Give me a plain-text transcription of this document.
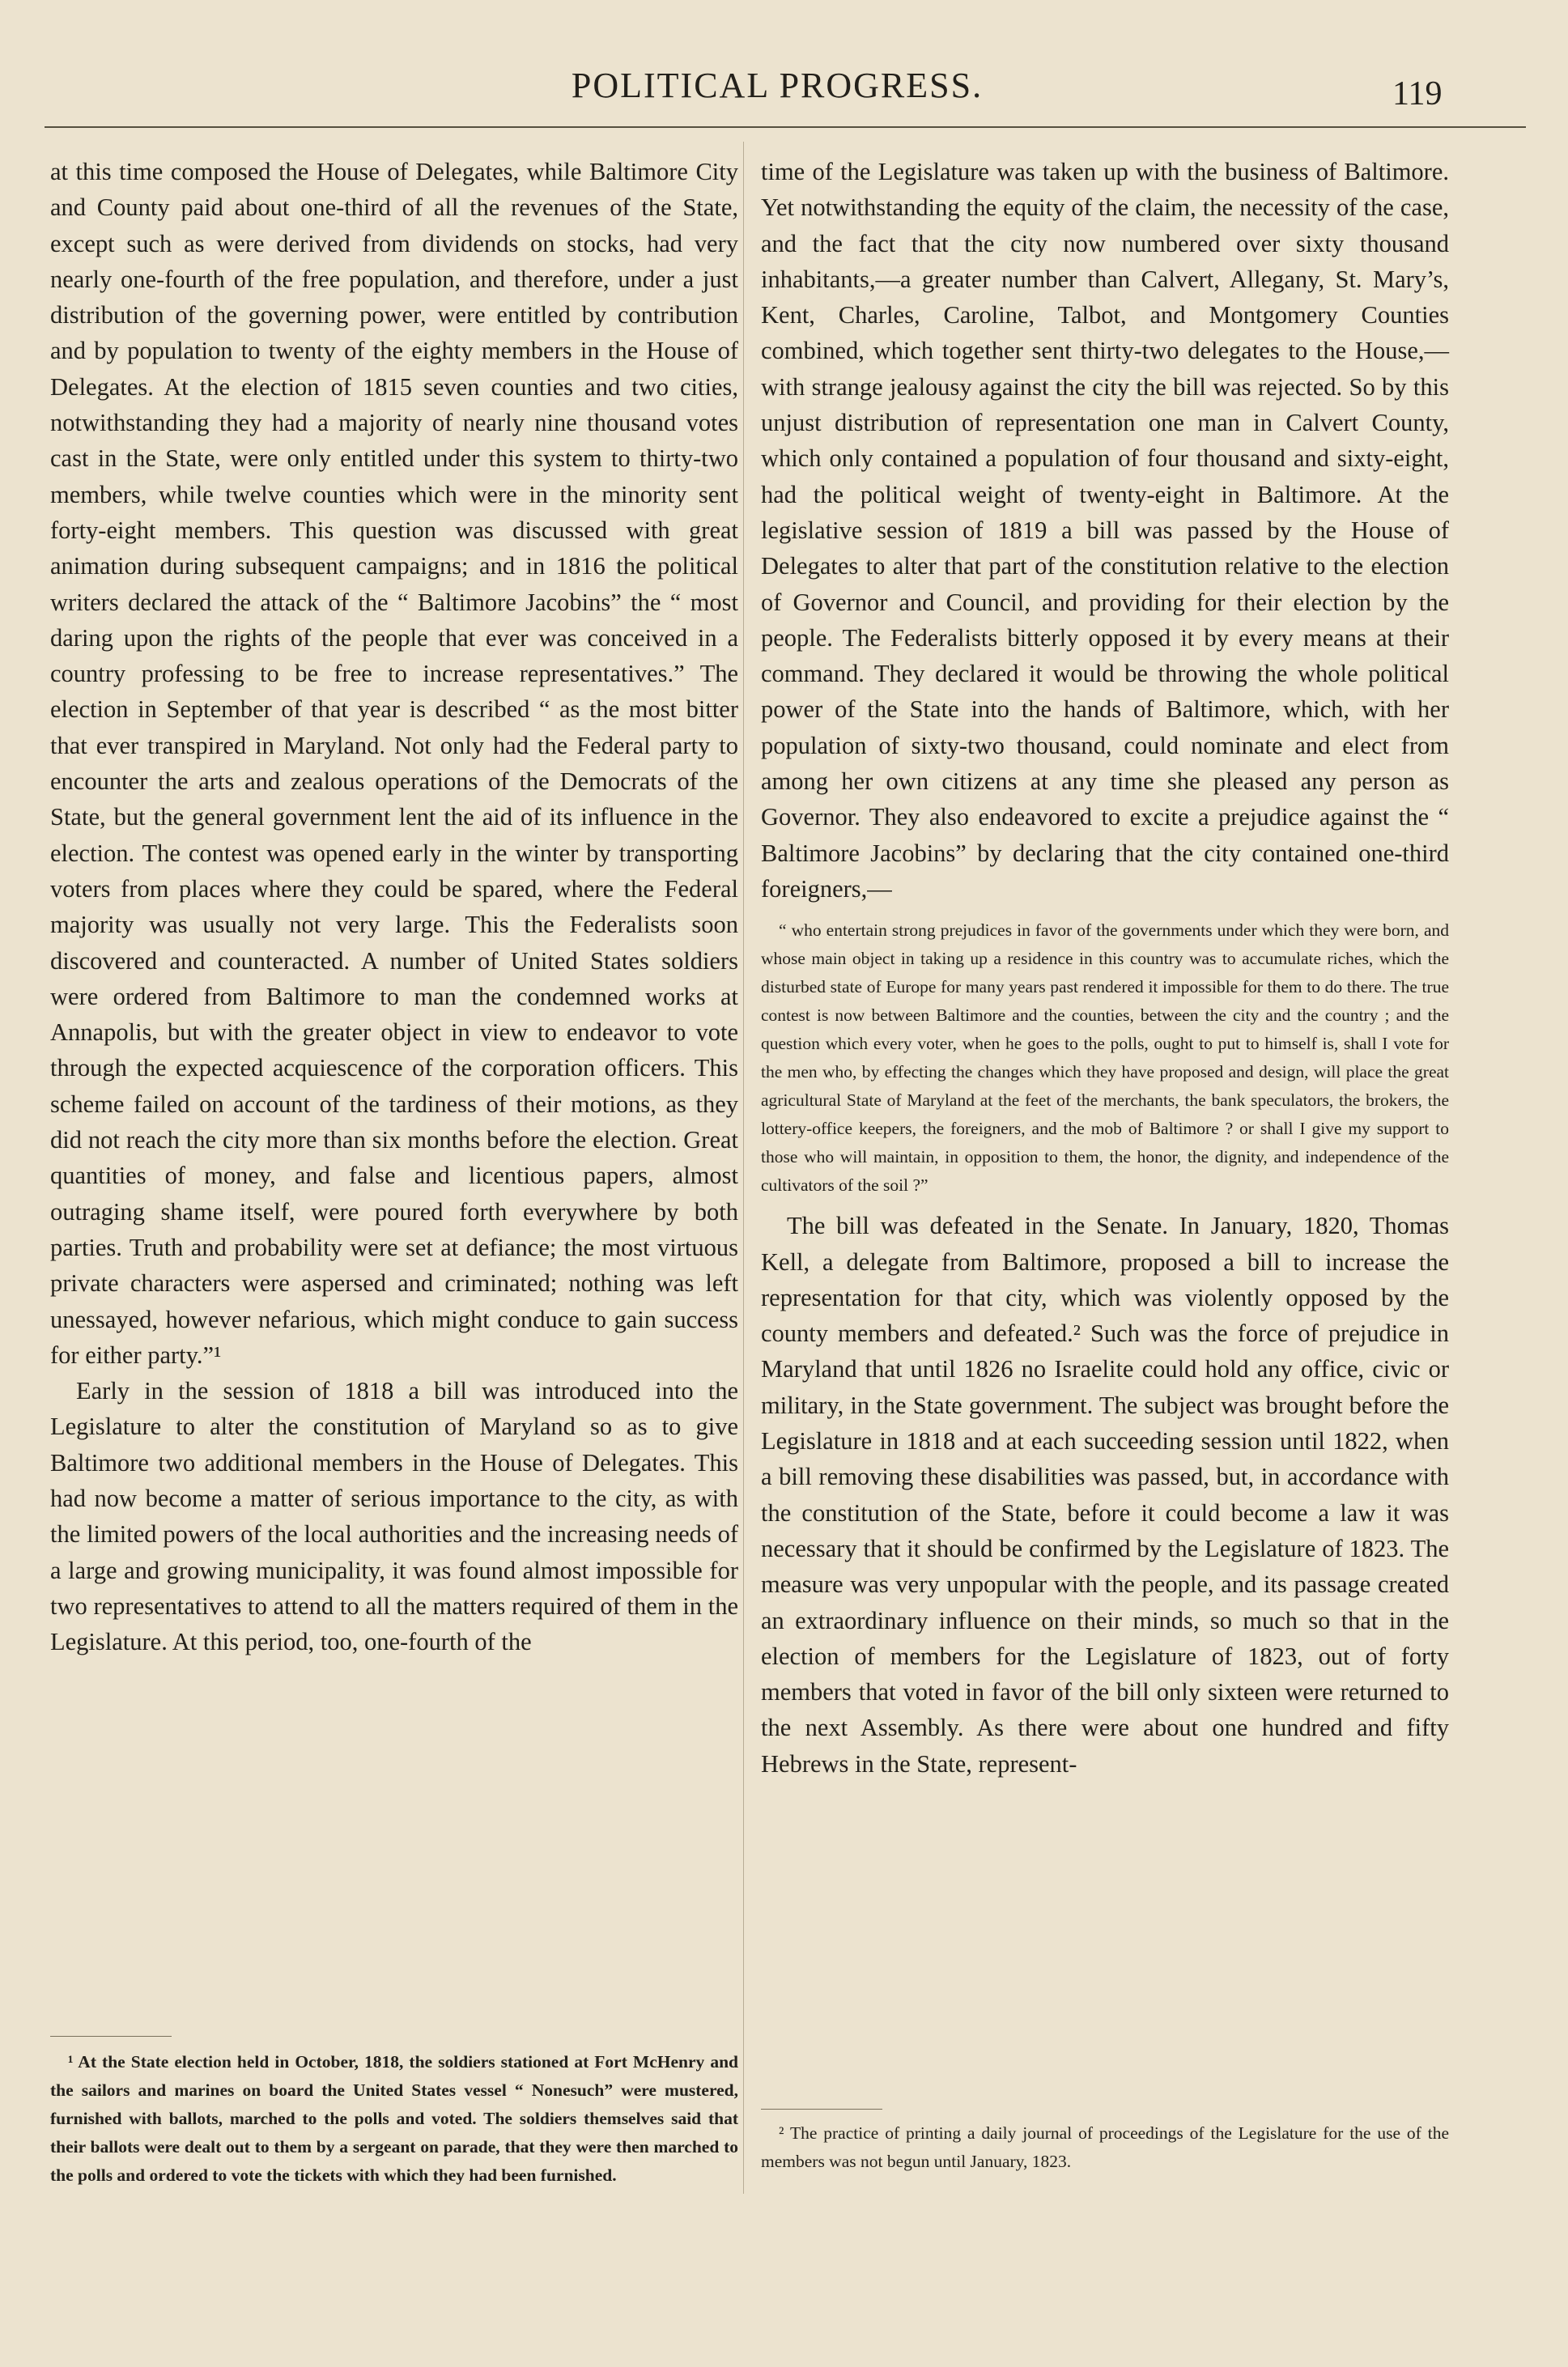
POLITICAL PROGRESS.	119

at this time composed the House of Delegates, while Baltimore City and County paid about one-third of all the revenues of the State, except such as were derived from dividends on stocks, had very nearly one-fourth of the free population, and therefore, under a just distribution of the governing power, were entitled by contribution and by population to twenty of the eighty members in the House of Delegates. At the election of 1815 seven counties and two cities, notwithstanding they had a majority of nearly nine thousand votes cast in the State, were only entitled under this system to thirty-two members, while twelve counties which were in the minority sent forty-eight members. This question was discussed with great animation during subsequent campaigns; and in 1816 the political writers declared the attack of the “ Baltimore Jacobins” the “ most daring upon the rights of the people that ever was conceived in a country professing to be free to increase representatives.” The election in September of that year is described “ as the most bitter that ever transpired in Maryland. Not only had the Federal party to encounter the arts and zealous operations of the Democrats of the State, but the general government lent the aid of its influence in the election. The contest was opened early in the winter by transporting voters from places where they could be spared, where the Federal majority was usually not very large. This the Federalists soon discovered and counteracted. A number of United States soldiers were ordered from Baltimore to man the condemned works at Annapolis, but with the greater object in view to endeavor to vote through the expected acquiescence of the corporation officers. This scheme failed on account of the tardiness of their motions, as they did not reach the city more than six months before the election. Great quantities of money, and false and licentious papers, almost outraging shame itself, were poured forth everywhere by both parties. Truth and probability were set at defiance; the most virtuous private characters were aspersed and criminated; nothing was left unessayed, however nefarious, which might conduce to gain success for either party.”¹

Early in the session of 1818 a bill was introduced into the Legislature to alter the constitution of Maryland so as to give Baltimore two additional members in the House of Delegates. This had now become a matter of serious importance to the city, as with the limited powers of the local authorities and the increasing needs of a large and growing municipality, it was found almost impossible for two representatives to attend to all the matters required of them in the Legislature. At this period, too, one-fourth of the

time of the Legislature was taken up with the business of Baltimore. Yet notwithstanding the equity of the claim, the necessity of the case, and the fact that the city now numbered over sixty thousand inhabitants,—a greater number than Calvert, Allegany, St. Mary’s, Kent, Charles, Caroline, Talbot, and Montgomery Counties combined, which together sent thirty-two delegates to the House,—with strange jealousy against the city the bill was rejected. So by this unjust distribution of representation one man in Calvert County, which only contained a population of four thousand and sixty-eight, had the political weight of twenty-eight in Baltimore. At the legislative session of 1819 a bill was passed by the House of Delegates to alter that part of the constitution relative to the election of Governor and Council, and providing for their election by the people. The Federalists bitterly opposed it by every means at their command. They declared it would be throwing the whole political power of the State into the hands of Baltimore, which, with her population of sixty-two thousand, could nominate and elect from among her own citizens at any time she pleased any person as Governor. They also endeavored to excite a prejudice against the “ Baltimore Jacobins” by declaring that the city contained one-third foreigners,—

“ who entertain strong prejudices in favor of the governments under which they were born, and whose main object in taking up a residence in this country was to accumulate riches, which the disturbed state of Europe for many years past rendered it impossible for them to do there. The true contest is now between Baltimore and the counties, between the city and the country ; and the question which every voter, when he goes to the polls, ought to put to himself is, shall I vote for the men who, by effecting the changes which they have proposed and design, will place the great agricultural State of Maryland at the feet of the merchants, the bank speculators, the brokers, the lottery-office keepers, the foreigners, and the mob of Baltimore ? or shall I give my support to those who will maintain, in opposition to them, the honor, the dignity, and independence of the cultivators of the soil ?”

The bill was defeated in the Senate. In January, 1820, Thomas Kell, a delegate from Baltimore, proposed a bill to increase the representation for that city, which was violently opposed by the county members and defeated.² Such was the force of prejudice in Maryland that until 1826 no Israelite could hold any office, civic or military, in the State government. The subject was brought before the Legislature in 1818 and at each succeeding session until 1822, when a bill removing these disabilities was passed, but, in accordance with the constitution of the State, before it could become a law it was necessary that it should be confirmed by the Legislature of 1823. The measure was very unpopular with the people, and its passage created an extraordinary influence on their minds, so much so that in the election of members for the Legislature of 1823, out of forty members that voted in favor of the bill only sixteen were returned to the next Assembly. As there were about one hundred and fifty Hebrews in the State, represent-

¹ At the State election held in October, 1818, the soldiers stationed at Fort McHenry and the sailors and marines on board the United States vessel “ Nonesuch” were mustered, furnished with ballots, marched to the polls and voted. The soldiers themselves said that their ballots were dealt out to them by a sergeant on parade, that they were then marched to the polls and ordered to vote the tickets with which they had been furnished.
² The practice of printing a daily journal of proceedings of the Legislature for the use of the members was not begun until January, 1823.
